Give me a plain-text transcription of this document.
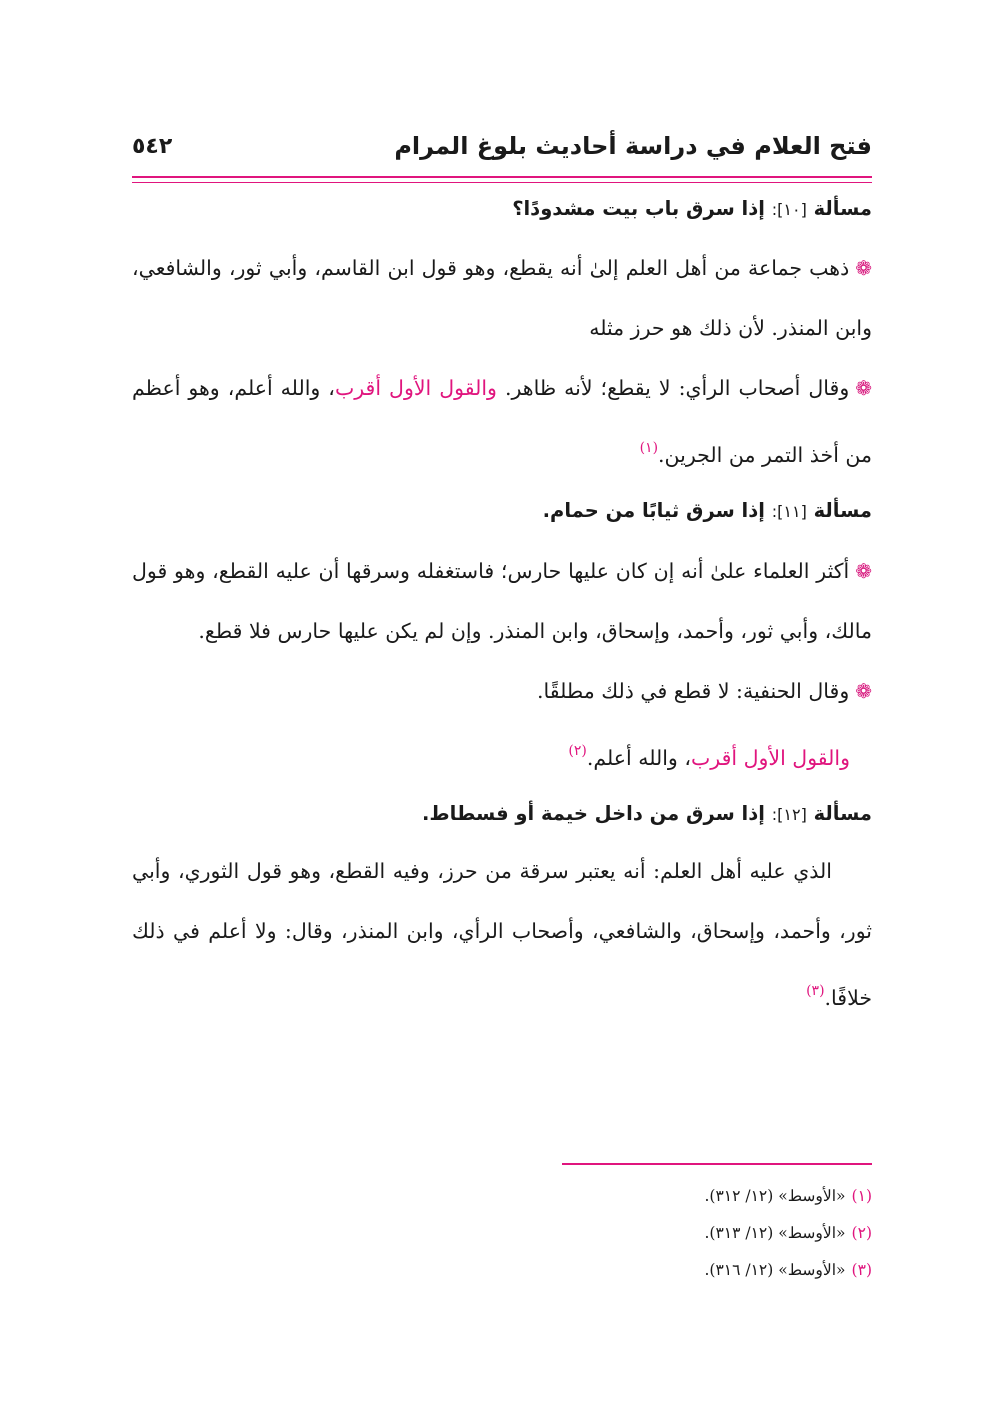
فتح العلام في دراسة أحاديث بلوغ المرام
٥٤٢

مسألة [١٠]: إذا سرق باب بيت مشدودًا؟

❁ذهب جماعة من أهل العلم إلىٰ أنه يقطع، وهو قول ابن القاسم، وأبي ثور، والشافعي، وابن المنذر. لأن ذلك هو حرز مثله

❁وقال أصحاب الرأي: لا يقطع؛ لأنه ظاهر. والقول الأول أقرب، والله أعلم، وهو أعظم من أخذ التمر من الجرين.$^{(١)}$

مسألة [١١]: إذا سرق ثيابًا من حمام.

❁أكثر العلماء علىٰ أنه إن كان عليها حارس؛ فاستغفله وسرقها أن عليه القطع، وهو قول مالك، وأبي ثور، وأحمد، وإسحاق، وابن المنذر. وإن لم يكن عليها حارس فلا قطع.

❁وقال الحنفية: لا قطع في ذلك مطلقًا.

والقول الأول أقرب، والله أعلم.$^{(٢)}$

مسألة [١٢]: إذا سرق من داخل خيمة أو فسطاط.

الذي عليه أهل العلم: أنه يعتبر سرقة من حرز، وفيه القطع، وهو قول الثوري، وأبي ثور، وأحمد، وإسحاق، والشافعي، وأصحاب الرأي، وابن المنذر، وقال: ولا أعلم في ذلك خلافًا.$^{(٣)}$

(١)«الأوسط» (١٢/ ٣١٢).
(٢)«الأوسط» (١٢/ ٣١٣).
(٣)«الأوسط» (١٢/ ٣١٦).
